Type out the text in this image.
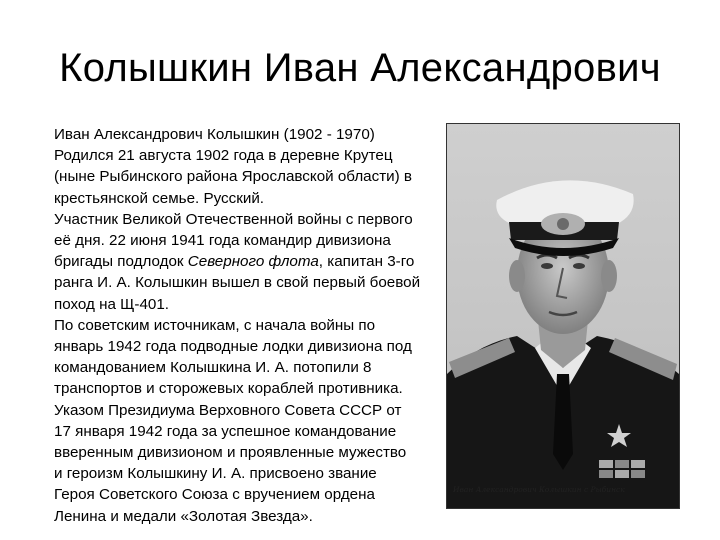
Колышкин Иван Александрович
Иван Александрович Колышкин (1902 - 1970)
Родился 21 августа 1902 года в деревне Крутец
(ныне Рыбинского района Ярославской области) в
крестьянской семье. Русский.
Участник Великой Отечественной войны с первого
её дня. 22 июня 1941 года командир дивизиона
бригады подлодок Северного флота, капитан 3-го
ранга И. А. Колышкин вышел в свой первый боевой
поход на Щ-401.
По советским источникам, с начала войны по
январь 1942 года подводные лодки дивизиона под
командованием Колышкина И. А. потопили 8
транспортов и сторожевых кораблей противника.
Указом Президиума Верховного Совета СССР от
17 января 1942 года за успешное командование
вверенным дивизионом и проявленные мужество
и героизм Колышкину И. А. присвоено звание
Героя Советского Союза с вручением ордена
Ленина и медали «Золотая Звезда».
Иван Александрович Колышкин с Рыбинск
